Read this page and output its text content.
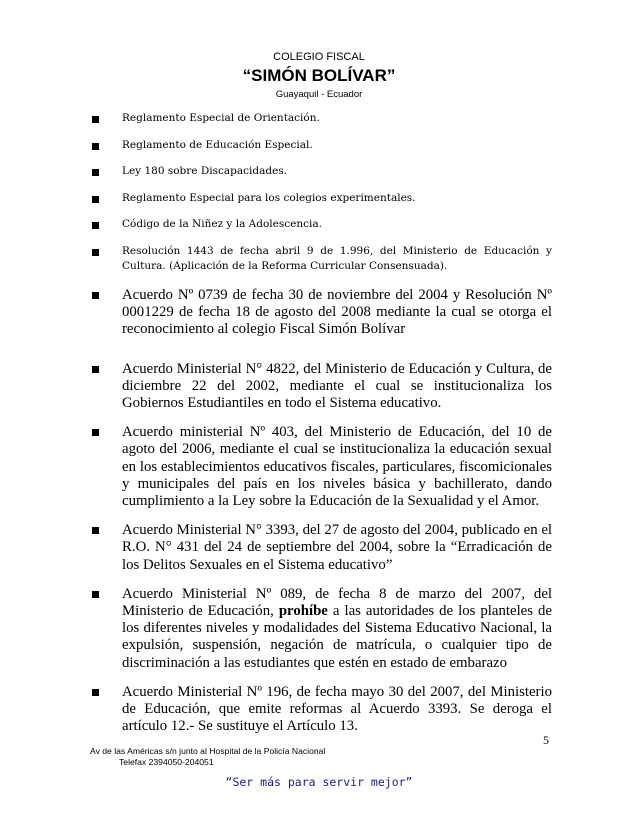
COLEGIO FISCAL
“SIMÓN BOLÍVAR”
Guayaquil - Ecuador
Reglamento Especial de Orientación.
Reglamento de Educación Especial.
Ley 180 sobre Discapacidades.
Reglamento Especial para los colegios experimentales.
Código de la Niñez y la Adolescencia.
Resolución 1443 de fecha abril 9 de 1.996, del Ministerio de Educación y Cultura. (Aplicación de la Reforma Curricular Consensuada).
Acuerdo Nº 0739 de fecha 30 de noviembre del 2004 y Resolución Nº 0001229 de fecha 18 de agosto del 2008 mediante la cual se otorga el reconocimiento al colegio Fiscal Simón Bolívar
Acuerdo Ministerial N° 4822, del Ministerio de Educación y Cultura, de diciembre 22 del 2002, mediante el cual se institucionaliza los Gobiernos Estudiantiles en todo el Sistema educativo.
Acuerdo ministerial Nº 403, del Ministerio de Educación, del 10 de agoto del 2006, mediante el cual se institucionaliza la educación sexual en los establecimientos educativos fiscales, particulares, fiscomicionales y municipales del país en los niveles básica y bachillerato, dando cumplimiento a la Ley sobre la Educación de la Sexualidad y el Amor.
Acuerdo Ministerial N° 3393, del 27 de agosto del 2004, publicado en el R.O. N° 431 del 24 de septiembre del 2004, sobre la “Erradicación de los Delitos Sexuales en el Sistema educativo”
Acuerdo Ministerial Nº 089, de fecha 8 de marzo del 2007, del Ministerio de Educación, prohíbe a las autoridades de los planteles de los diferentes niveles y modalidades del Sistema Educativo Nacional, la expulsión, suspensión, negación de matrícula, o cualquier tipo de discriminación a las estudiantes que estén en estado de embarazo
Acuerdo Ministerial Nº 196, de fecha mayo 30 del 2007, del Ministerio de Educación, que emite reformas al Acuerdo 3393. Se deroga el artículo 12.- Se sustituye el Artículo 13.
5
Av de las Américas s/n junto al Hospital de la Policía Nacional
Telefax 2394050-204051
“Ser más para servir mejor”
